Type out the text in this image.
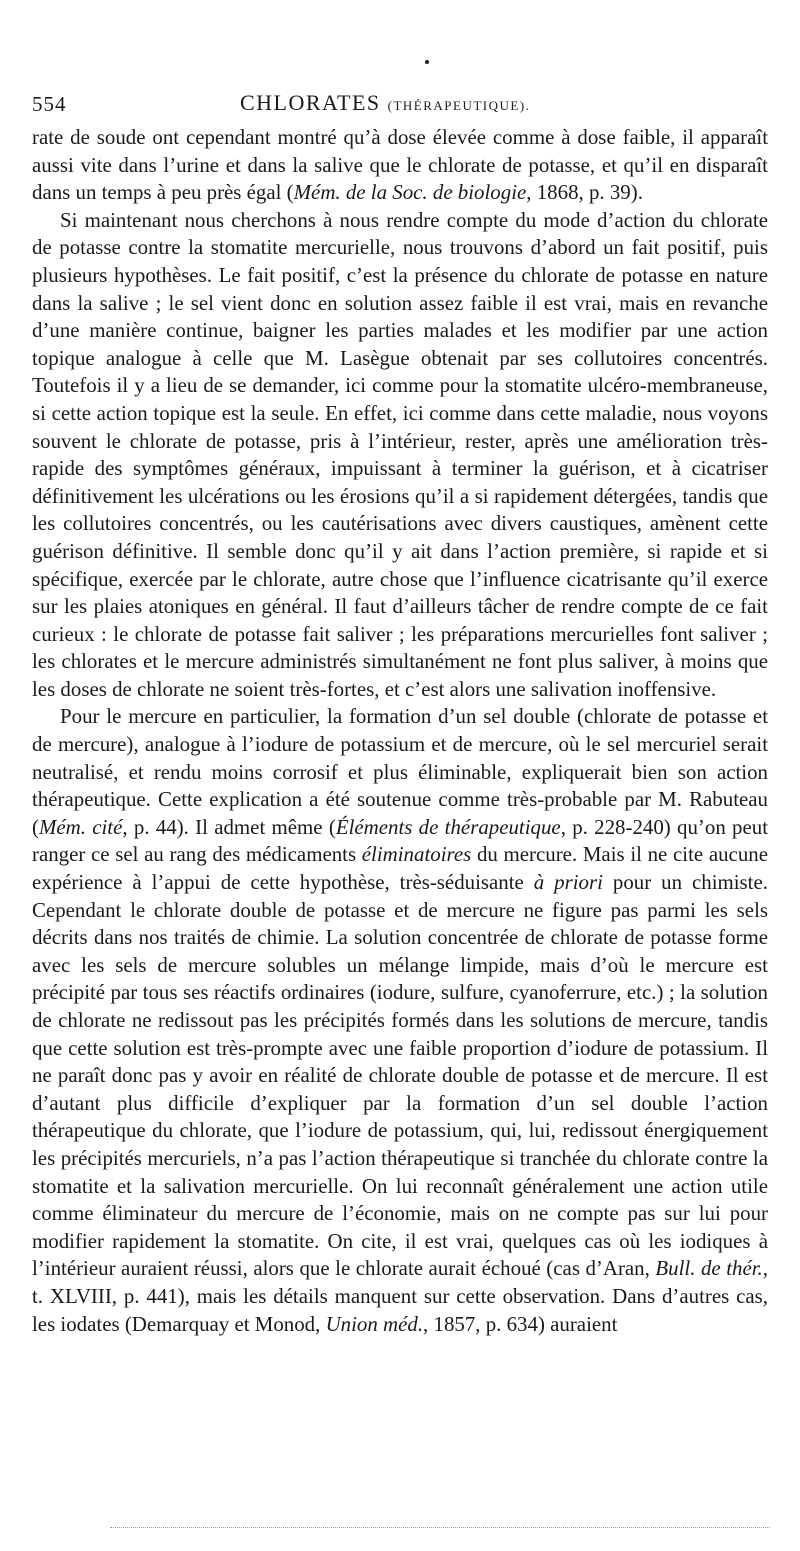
554	CHLORATES (THÉRAPEUTIQUE).

rate de soude ont cependant montré qu’à dose élevée comme à dose faible, il apparaît aussi vite dans l’urine et dans la salive que le chlorate de potasse, et qu’il en disparaît dans un temps à peu près égal (Mém. de la Soc. de biologie, 1868, p. 39).

Si maintenant nous cherchons à nous rendre compte du mode d’action du chlorate de potasse contre la stomatite mercurielle, nous trouvons d’abord un fait positif, puis plusieurs hypothèses. Le fait positif, c’est la présence du chlorate de potasse en nature dans la salive ; le sel vient donc en solution assez faible il est vrai, mais en revanche d’une manière continue, baigner les parties malades et les modifier par une action topique analogue à celle que M. Lasègue obtenait par ses collutoires concentrés. Toutefois il y a lieu de se demander, ici comme pour la stomatite ulcéro-membraneuse, si cette action topique est la seule. En effet, ici comme dans cette maladie, nous voyons souvent le chlorate de potasse, pris à l’intérieur, rester, après une amélioration très-rapide des symptômes généraux, impuissant à terminer la guérison, et à cicatriser définitivement les ulcérations ou les érosions qu’il a si rapidement détergées, tandis que les collutoires concentrés, ou les cautérisations avec divers caustiques, amènent cette guérison définitive. Il semble donc qu’il y ait dans l’action première, si rapide et si spécifique, exercée par le chlorate, autre chose que l’influence cicatrisante qu’il exerce sur les plaies atoniques en général. Il faut d’ailleurs tâcher de rendre compte de ce fait curieux : le chlorate de potasse fait saliver ; les préparations mercurielles font saliver ; les chlorates et le mercure administrés simultanément ne font plus saliver, à moins que les doses de chlorate ne soient très-fortes, et c’est alors une salivation inoffensive.

Pour le mercure en particulier, la formation d’un sel double (chlorate de potasse et de mercure), analogue à l’iodure de potassium et de mercure, où le sel mercuriel serait neutralisé, et rendu moins corrosif et plus éliminable, expliquerait bien son action thérapeutique. Cette explication a été soutenue comme très-probable par M. Rabuteau (Mém. cité, p. 44). Il admet même (Éléments de thérapeutique, p. 228-240) qu’on peut ranger ce sel au rang des médicaments éliminatoires du mercure. Mais il ne cite aucune expérience à l’appui de cette hypothèse, très-séduisante à priori pour un chimiste. Cependant le chlorate double de potasse et de mercure ne figure pas parmi les sels décrits dans nos traités de chimie. La solution concentrée de chlorate de potasse forme avec les sels de mercure solubles un mélange limpide, mais d’où le mercure est précipité par tous ses réactifs ordinaires (iodure, sulfure, cyanoferrure, etc.) ; la solution de chlorate ne redissout pas les précipités formés dans les solutions de mercure, tandis que cette solution est très-prompte avec une faible proportion d’iodure de potassium. Il ne paraît donc pas y avoir en réalité de chlorate double de potasse et de mercure. Il est d’autant plus difficile d’expliquer par la formation d’un sel double l’action thérapeutique du chlorate, que l’iodure de potassium, qui, lui, redissout énergiquement les précipités mercuriels, n’a pas l’action thérapeutique si tranchée du chlorate contre la stomatite et la salivation mercurielle. On lui reconnaît généralement une action utile comme éliminateur du mercure de l’économie, mais on ne compte pas sur lui pour modifier rapidement la stomatite. On cite, il est vrai, quelques cas où les iodiques à l’intérieur auraient réussi, alors que le chlorate aurait échoué (cas d’Aran, Bull. de thér., t. XLVIII, p. 441), mais les détails manquent sur cette observation. Dans d’autres cas, les iodates (Demarquay et Monod, Union méd., 1857, p. 634) auraient
